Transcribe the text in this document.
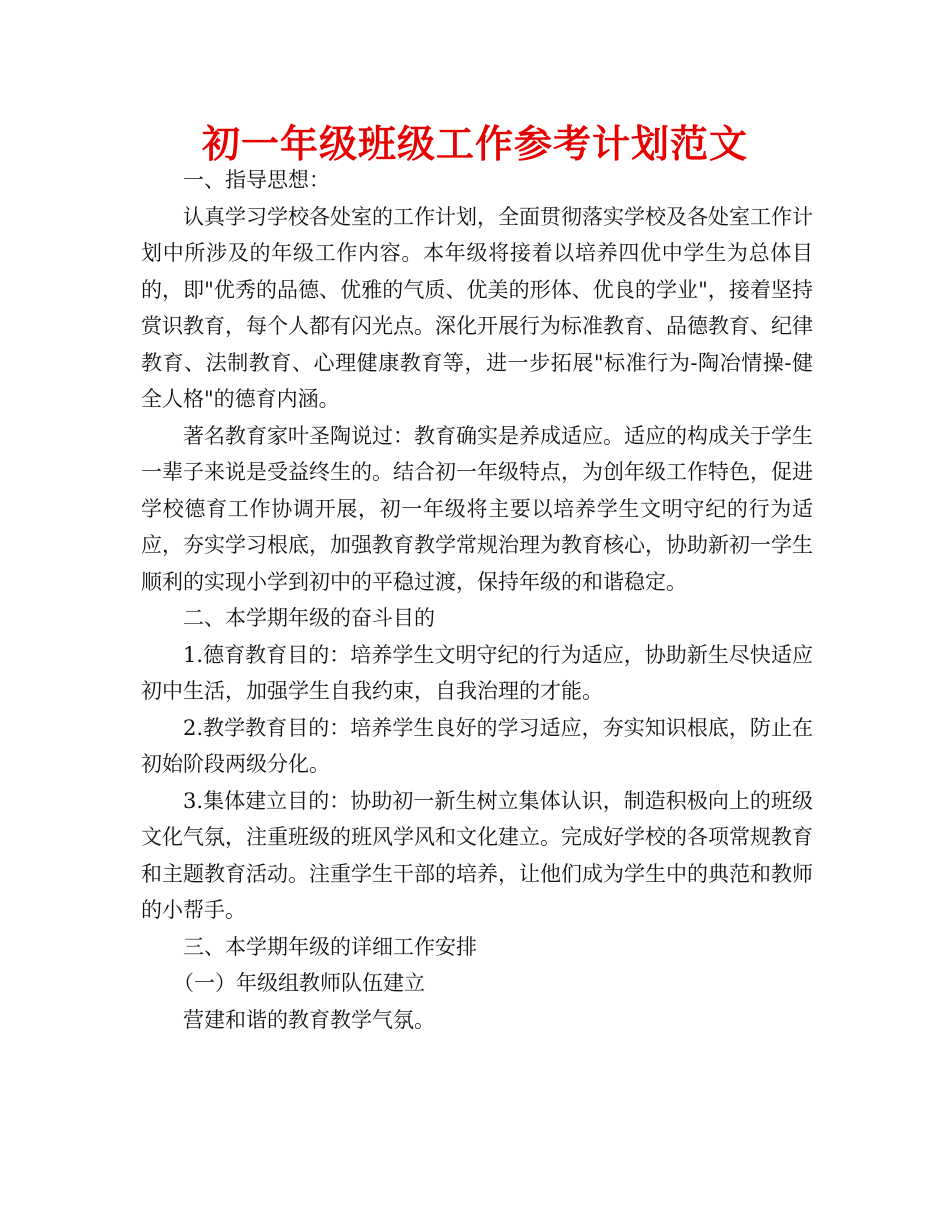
初一年级班级工作参考计划范文

一、指导思想：

认真学习学校各处室的工作计划，全面贯彻落实学校及各处室工作计划中所涉及的年级工作内容。本年级将接着以培养四优中学生为总体目的，即"优秀的品德、优雅的气质、优美的形体、优良的学业"，接着坚持赏识教育，每个人都有闪光点。深化开展行为标准教育、品德教育、纪律教育、法制教育、心理健康教育等，进一步拓展"标准行为-陶冶情操-健全人格"的德育内涵。

著名教育家叶圣陶说过：教育确实是养成适应。适应的构成关于学生一辈子来说是受益终生的。结合初一年级特点，为创年级工作特色，促进学校德育工作协调开展，初一年级将主要以培养学生文明守纪的行为适应，夯实学习根底，加强教育教学常规治理为教育核心，协助新初一学生顺利的实现小学到初中的平稳过渡，保持年级的和谐稳定。

二、本学期年级的奋斗目的

1.德育教育目的：培养学生文明守纪的行为适应，协助新生尽快适应初中生活，加强学生自我约束，自我治理的才能。

2.教学教育目的：培养学生良好的学习适应，夯实知识根底，防止在初始阶段两级分化。

3.集体建立目的：协助初一新生树立集体认识，制造积极向上的班级文化气氛，注重班级的班风学风和文化建立。完成好学校的各项常规教育和主题教育活动。注重学生干部的培养，让他们成为学生中的典范和教师的小帮手。

三、本学期年级的详细工作安排

（一）年级组教师队伍建立

营建和谐的教育教学气氛。
